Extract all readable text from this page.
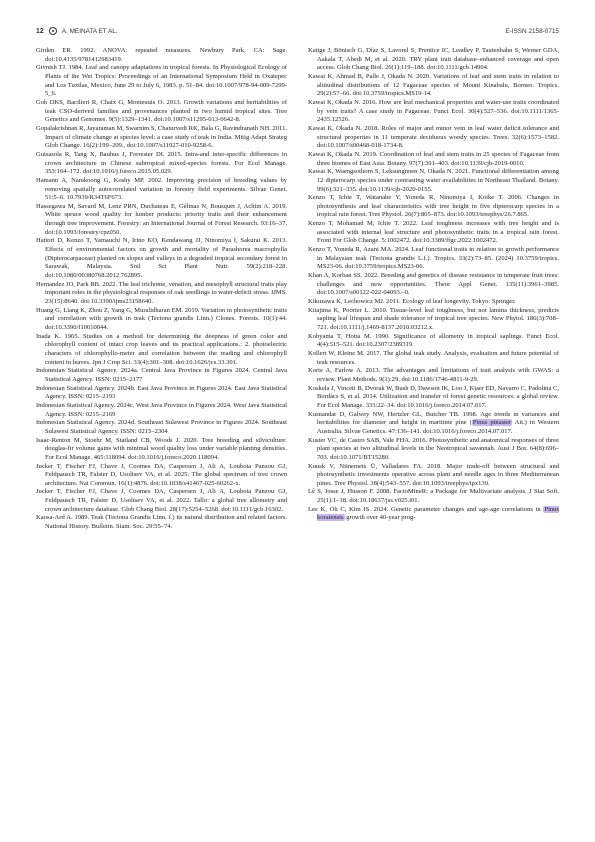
12	A. MEINATA ET AL.	E-ISSN 2158-0715

Girden ER. 1992. ANOVA: repeated measures. Newbury Park, CA: Sage. doi:10.4135/9781412983419.

Givnish TJ. 1984. Leaf and canopy adaptations in tropical forests. In Physiological Ecology of Plants of the Wet Tropics: Proceedings of an International Symposium Held in Oxatepec and Los Tuxtlas, Mexico, June 29 to July 6, 1983. p. 51–84. doi:10.1007/978-94-009-7299-5_6.

Goh DKS, Bacilieri R, Chaix G, Monteuuis O. 2013. Growth variations and heritabilities of teak CSO-derived families and provenances planted in two humid tropical sites. Tree Genetics and Genomes. 9(5):1329–1341. doi:10.1007/s11295-013-0642-8.

Gopalakrishnan R, Jayaraman M, Swarnim S, Chaturvedi RK, Bala G, Ravindranath NH. 2011. Impact of climate change at species level: a case study of teak in India. Mitig Adapt Strateg Glob Change. 16(2):199–209., doi:10.1007/s11027-010-9258-6.

Guisasola R, Tang X, Bauhus J, Forrester DI. 2015. Intra-and inter-specific differences in crown architecture in Chinese subtropical mixed-species forests. For Ecol Manage. 353:164–172. doi:10.1016/j.foreco.2015.05.029.

Hamann A, Namkoong G, Koshy MP. 2002. Improving precision of breeding values by removing spatially autocorrelated variation in forestry field experiments. Silvae Genet. 51:5–6. 10.7939/R34T6F673.

Hassegawa M, Savard M, Lenz PRN, Duchateau E, Gélinas N, Bousquet J, Achim A. 2019. White spruce wood quality for lumber products: priority traits and their enhancement through tree improvement. Forestry: an International Journal of Forest Research. 93:16–37. doi:10.1093/forestry/cpz050.

Hattori D, Kenzo T, Yamauchi N, Irino KO, Kendawang JJ, Ninomiya I, Sakurai K. 2013. Effects of environmental factors on growth and mortality of Parashorea macrophylla (Dipterocarpaceae) planted on slopes and valleys in a degraded tropical secondary forest in Sarawak, Malaysia. Soil Sci Plant Nutr. 59(2):218–228. doi:10.1080/00380768.2012.762895.

Hernandez JO, Park BB. 2022. The leaf trichome, venation, and mesophyll structural traits play important roles in the physiological responses of oak seedlings to water-deficit stress. IJMS. 23(15):8640. doi:10.3390/ijms23158640.

Huang G, Liang K, Zhou Z, Yang G, Muralidharan EM. 2019. Variation in photosynthetic traits and correlation with growth in teak (Tectona grandis Linn.) Clones. Forests. 10(1):44. doi:10.3390/f10010044.

Inada K. 1965. Studies on a method for determining the deepness of green color and chlorophyll content of intact crop leaves and its practical applications.: 2. photoelectric characters of chlorophyllo-meter and correlation between the reading and chlorophyll content in leaves. Jpn J Crop Sci. 33(4):301–308. doi:10.1626/jcs.33.301.

Indonesian Statistical Agency. 2024a. Central Java Province in Figures 2024. Central Java Statistical Agency. ISSN: 0215–2177

Indonesian Statistical Agency. 2024b. East Java Province in Figures 2024. East Java Statistical Agency. ISSN: 0215–2193

Indonesian Statistical Agency. 2024c. West Java Province in Figures 2024. West Java Statistical Agency. ISSN: 0215–2169

Indonesian Statistical Agency. 2024d. Southeast Sulawesi Province in Figures 2024. Southeast Sulawesi Statistical Agency. ISSN: 0215–2304

Isaac-Renton M, Stoehr M, Statland CB, Woods J. 2020. Tree breeding and silviculture: douglas-fir volume gains with minimal wood quality loss under variable planting densities. For Ecol Manage. 465:118094. doi:10.1016/j.foreco.2020.118094.

Jucker T, Fischer FJ, Chave J, Coomes DA, Caspersen J, Ali A, Loubota Panzou GJ, Feldpausch TR, Falster D, Usoltsev VA, et al. 2025. The global spectrum of tree crown architecture. Nat Commun. 16(1):4876. doi:10.1038/s41467-025-60262-x.

Jucker T, Fischer FJ, Chave J, Coomes DA, Caspersen J, Ali A, Loubota Panzou GJ, Feldpausch TR, Falster D, Usoltsev VA, et al. 2022. Tallo: a global tree allometry and crown architecture database. Glob Chang Biol. 28(17):5254–5268. doi:10.1111/gcb.16302.

Kaosa-Ard A. 1989. Teak (Tectona Grandis Linn. f.) its natural distribution and related factors. National History. Bulletin. Siam. Soc. 29:55–74.

Kattge J, Bönisch G, Díaz S, Lavorel S, Prentice IC, Leadley P, Tautenhahn S, Werner GDA, Aakala T, Abedi M, et al. 2020. TRY plant trait database–enhanced coverage and open access. Glob Chang Biol. 26(1):119–188. doi:10.1111/gcb.14904.

Kawai K, Ahmad B, Palle J, Okada N. 2020. Variations of leaf and stem traits in relation to altitudinal distributions of 12 Fagaceae species of Mount Kinabalu, Borneo. Tropics. 29(2):57–66. doi:10.3759/tropics.MS19-14.

Kawai K, Okada N. 2016. How are leaf mechanical properties and water-use traits coordinated by vein traits? A case study in Fagaceae. Funct Ecol. 30(4):527–536. doi:10.1111/1365-2435.12526.

Kawai K, Okada N. 2018. Roles of major and minor vein in leaf water deficit tolerance and structural properties in 11 temperate deciduous woody species. Trees. 32(6):1573–1582. doi:10.1007/s00468-018-1734-8.

Kawai K, Okada N. 2019. Coordination of leaf and stem traits in 25 species of Fagaceae from three biomes of East Asia. Botany. 97(7):391–403. doi:10.1139/cjb-2019-0010.

Kawai K, Waengsothorn S, Leksungnoen N, Okada N. 2021. Functional differentiation among 12 dipterocarp species under contrasting water availabilities in Northeast Thailand. Botany. 99(6):321–335. doi:10.1139/cjb-2020-0155.

Kenzo T, Ichie T, Watanabe Y, Yoneda R, Ninomiya I, Koike T. 2006. Changes in photosynthesis and leaf characteristics with tree height in five dipterocarp species in a tropical rain forest. Tree Physiol. 26(7):865–873. doi:10.1093/treephys/26.7.865.

Kenzo T, Mohamad M, Ichie T. 2022. Leaf toughness increases with tree height and is associated with internal leaf structure and photosynthetic traits in a tropical rain forest. Front For Glob Change. 5:1002472. doi:10.3389/ffgc.2022.1002472.

Kenzo T, Yoneda R, Azani MA. 2024. Leaf functional traits in relation to growth performance in Malaysian teak (Tectona grandis L.f.). Tropics. 33(2):73–85. (2024) 10.3759/tropics. MS23-06. doi:10.3759/tropics.MS23-06.

Khan A, Korban SS. 2022. Breeding and genetics of disease resistance in temperate fruit trees: challenges and new opportunities. Theor Appl Genet. 135(11):3961–3985. doi:10.1007/s00122-022-04093.–0.

Kikuzawa K, Lechowicz MJ. 2011. Ecology of leaf longevity. Tokyo: Springer.

Kitajima K, Poorter L. 2010. Tissue-level leaf toughness, but not lamina thickness, predicts sapling leaf lifespan and shade tolerance of tropical tree species. New Phytol. 186(3):708–721. doi:10.1111/j.1469-8137.2010.03212.x.

Kohyama T, Hotta M. 1990. Significance of allometry in tropical saplings. Funct Ecol. 4(4):515–521. doi:10.2307/2389319.

Kollert W, Kleine M. 2017. The global teak study. Analysis, evaluation and future potential of teak resources.

Korte A, Farlow A. 2013. The advantages and limitations of trait analysis with GWAS: a review. Plant Methods. 9(1):29. doi:10.1186/1746-4811-9-29.

Koskela J, Vinceti B, Dvorak W, Bush D, Dawson IK, Loo J, Kjaer ED, Navarro C, Padolina C, Bordács S, et al. 2014. Utilization and transfer of forest genetic resources: a global review. For Ecol Manage. 333:22–34. doi:10.1016/j.foreco.2014.07.017.

Kusnandar D, Galwey NW, Hertzler GL, Butcher TB. 1998. Age trends in variances and heritabilities for diameter and height in maritime pine (Pinus pinaster Ait.) in Western Australia. Silvae Genetics. 47:136–141. doi:10.1016/j.foreco.2014.07.017.

Kuster VC, de Castro SAB, Vale FHA. 2016. Photosynthetic and anatomical responses of three plant species at two altitudinal levels in the Neotropical savannah. Aust J Bot. 64(8):696–703. doi:10.1071/BT15280.

Kuusk V, Niinemets Ü, Valladares FA. 2018. Major trade-off between structural and photosynthetic investments operative across plant and needle ages in three Mediterranean pines. Tree Physiol. 38(4):543–557. doi:10.1093/treephys/tpx139.

Lê S, Josse J, Husson F. 2008. FactoMineR: a Package for Multivariate analysis. J Stat Soft. 25(1):1–18. doi:10.18637/jss.v025.i01.

Lee K, Oh C, Kim IS. 2024. Genetic parameter changes and age-age correlations in Pinus koraiensis growth over 40-year prog-
